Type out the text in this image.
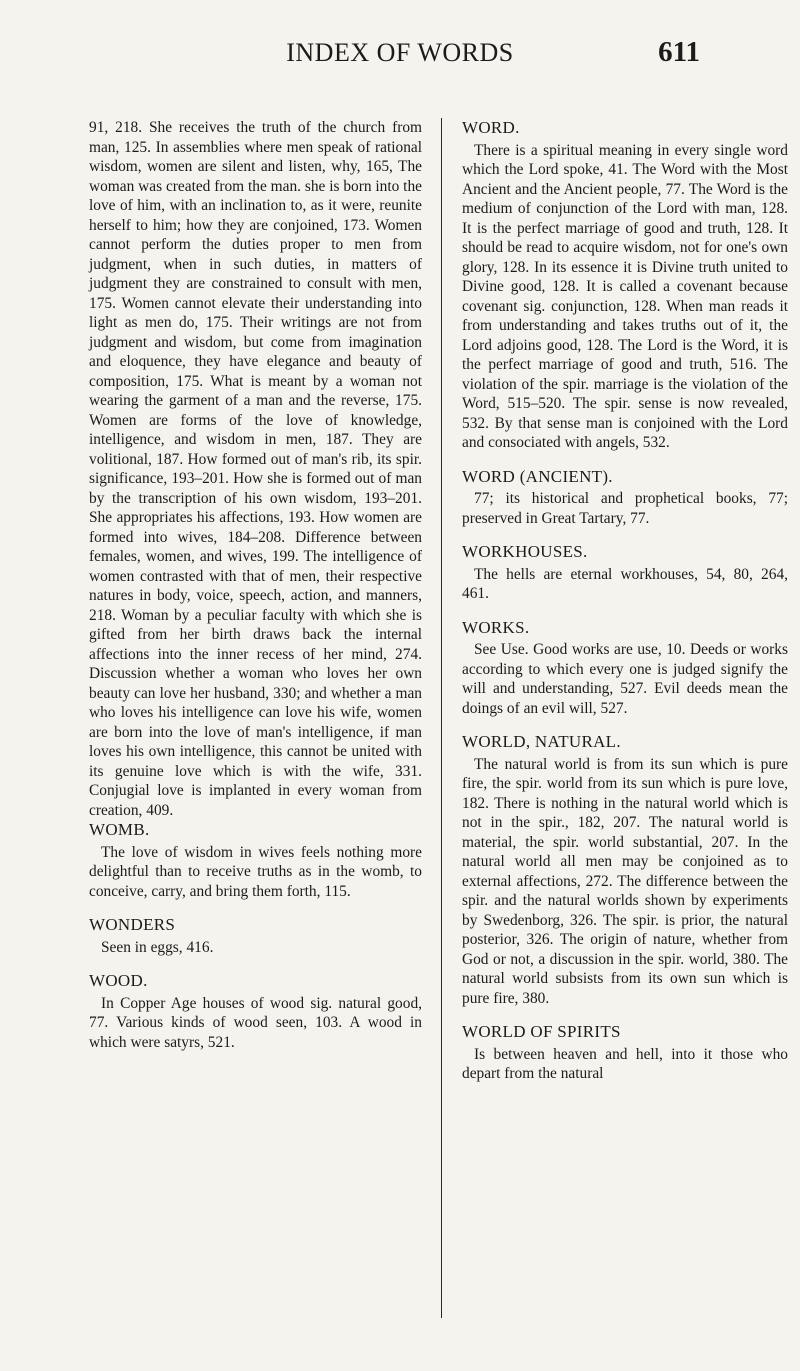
INDEX OF WORDS	611

91, 218. She receives the truth of the church from man, 125. In assemblies where men speak of rational wisdom, women are silent and listen, why, 165, The woman was created from the man. she is born into the love of him, with an inclination to, as it were, reunite herself to him; how they are conjoined, 173. Women cannot perform the duties proper to men from judgment, when in such duties, in matters of judgment they are constrained to consult with men, 175. Women cannot elevate their understanding into light as men do, 175. Their writings are not from judgment and wisdom, but come from imagination and eloquence, they have elegance and beauty of composition, 175. What is meant by a woman not wearing the garment of a man and the reverse, 175. Women are forms of the love of knowledge, intelligence, and wisdom in men, 187. They are volitional, 187. How formed out of man's rib, its spir. significance, 193–201. How she is formed out of man by the transcription of his own wisdom, 193–201. She appropriates his affections, 193. How women are formed into wives, 184–208. Difference between females, women, and wives, 199. The intelligence of women contrasted with that of men, their respective natures in body, voice, speech, action, and manners, 218. Woman by a peculiar faculty with which she is gifted from her birth draws back the internal affections into the inner recess of her mind, 274. Discussion whether a woman who loves her own beauty can love her husband, 330; and whether a man who loves his intelligence can love his wife, women are born into the love of man's intelligence, if man loves his own intelligence, this cannot be united with its genuine love which is with the wife, 331. Conjugial love is implanted in every woman from creation, 409.

WOMB.

The love of wisdom in wives feels nothing more delightful than to receive truths as in the womb, to conceive, carry, and bring them forth, 115.

WONDERS

Seen in eggs, 416.

WOOD.

In Copper Age houses of wood sig. natural good, 77. Various kinds of wood seen, 103. A wood in which were satyrs, 521.

WORD.

There is a spiritual meaning in every single word which the Lord spoke, 41. The Word with the Most Ancient and the Ancient people, 77. The Word is the medium of conjunction of the Lord with man, 128. It is the perfect marriage of good and truth, 128. It should be read to acquire wisdom, not for one's own glory, 128. In its essence it is Divine truth united to Divine good, 128. It is called a covenant because covenant sig. conjunction, 128. When man reads it from understanding and takes truths out of it, the Lord adjoins good, 128. The Lord is the Word, it is the perfect marriage of good and truth, 516. The violation of the spir. marriage is the violation of the Word, 515–520. The spir. sense is now revealed, 532. By that sense man is conjoined with the Lord and consociated with angels, 532.

WORD (ANCIENT).

77; its historical and prophetical books, 77; preserved in Great Tartary, 77.

WORKHOUSES.

The hells are eternal workhouses, 54, 80, 264, 461.

WORKS.

See Use. Good works are use, 10. Deeds or works according to which every one is judged signify the will and understanding, 527. Evil deeds mean the doings of an evil will, 527.

WORLD, NATURAL.

The natural world is from its sun which is pure fire, the spir. world from its sun which is pure love, 182. There is nothing in the natural world which is not in the spir., 182, 207. The natural world is material, the spir. world substantial, 207. In the natural world all men may be conjoined as to external affections, 272. The difference between the spir. and the natural worlds shown by experiments by Swedenborg, 326. The spir. is prior, the natural posterior, 326. The origin of nature, whether from God or not, a discussion in the spir. world, 380. The natural world subsists from its own sun which is pure fire, 380.

WORLD OF SPIRITS

Is between heaven and hell, into it those who depart from the natural
